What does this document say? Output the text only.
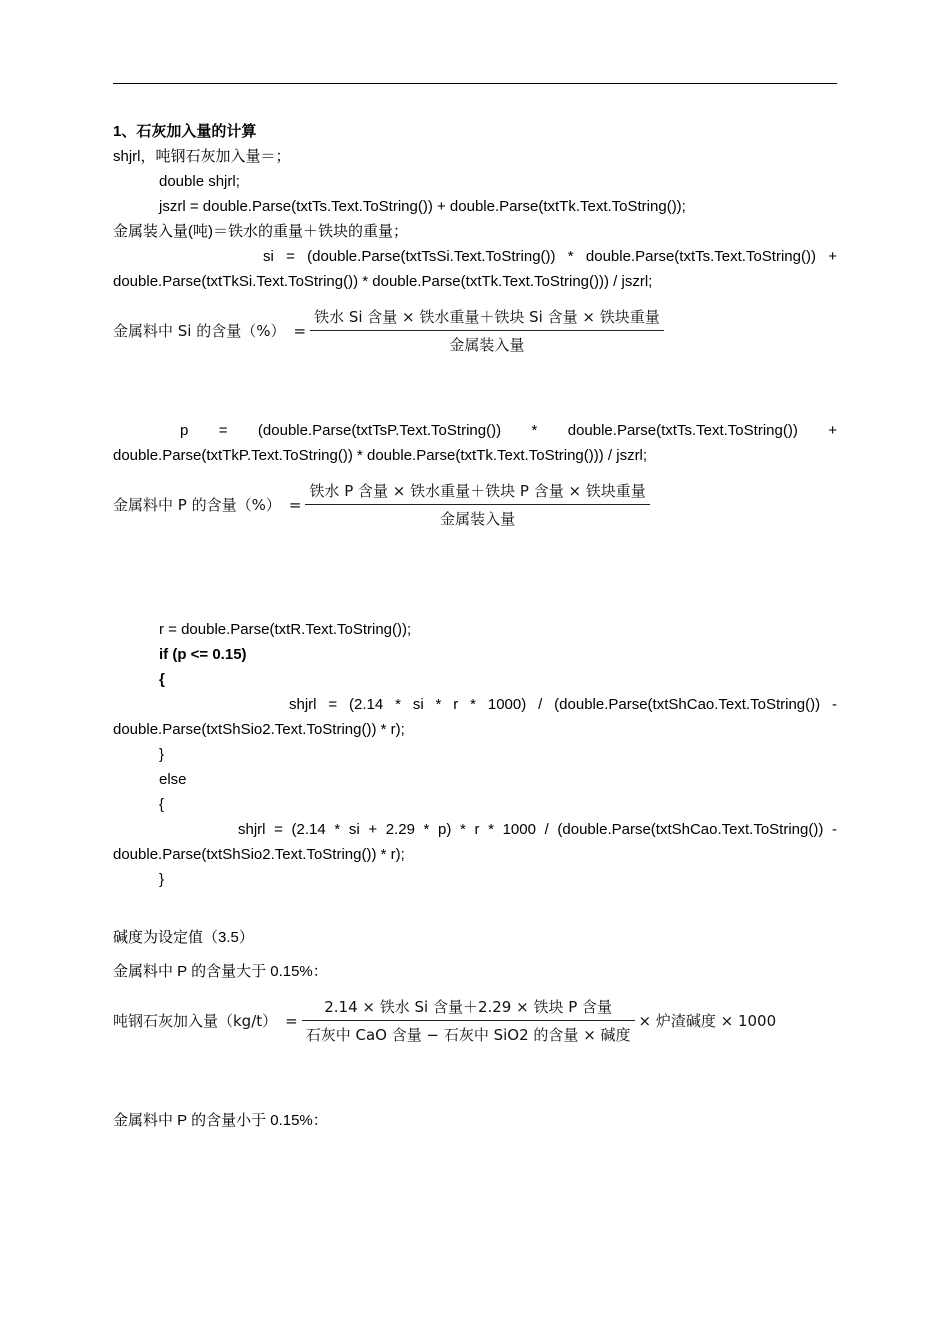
1、石灰加入量的计算
shjrl，吨钢石灰加入量＝；
double shjrl;
jszrl = double.Parse(txtTs.Text.ToString()) + double.Parse(txtTk.Text.ToString());
金属装入量(吨)＝铁水的重量＋铁块的重量；
si = (double.Parse(txtTsSi.Text.ToString()) * double.Parse(txtTs.Text.ToString()) +
double.Parse(txtTkSi.Text.ToString()) * double.Parse(txtTk.Text.ToString())) / jszrl;
金属料中 Si 的含量（%） = $\frac{\text{铁水 Si 含量 × 铁水重量＋铁块 Si 含量 × 铁块重量}}{\text{金属装入量}}$
p = (double.Parse(txtTsP.Text.ToString()) * double.Parse(txtTs.Text.ToString()) +
double.Parse(txtTkP.Text.ToString()) * double.Parse(txtTk.Text.ToString())) / jszrl;
金属料中 P 的含量（%） = $\frac{\text{铁水 P 含量 × 铁水重量＋铁块 P 含量 × 铁块重量}}{\text{金属装入量}}$
r = double.Parse(txtR.Text.ToString());
if (p <= 0.15)
{
shjrl = (2.14 * si * r * 1000) / (double.Parse(txtShCao.Text.ToString()) -
double.Parse(txtShSio2.Text.ToString()) * r);
}
else
{
shjrl = (2.14 * si + 2.29 * p) * r * 1000 / (double.Parse(txtShCao.Text.ToString()) -
double.Parse(txtShSio2.Text.ToString()) * r);
}
碱度为设定值（3.5）
金属料中 P 的含量大于 0.15%：
吨钢石灰加入量$(kg/t) = \frac{\text{2.14 × 铁水 Si 含量＋2.29 × 铁块 P 含量}}{\text{石灰中 CaO 含量 − 石灰中 SiO2 的含量 × 碱度}}$ × 炉渣碱度 × 1000
金属料中 P 的含量小于 0.15%：
